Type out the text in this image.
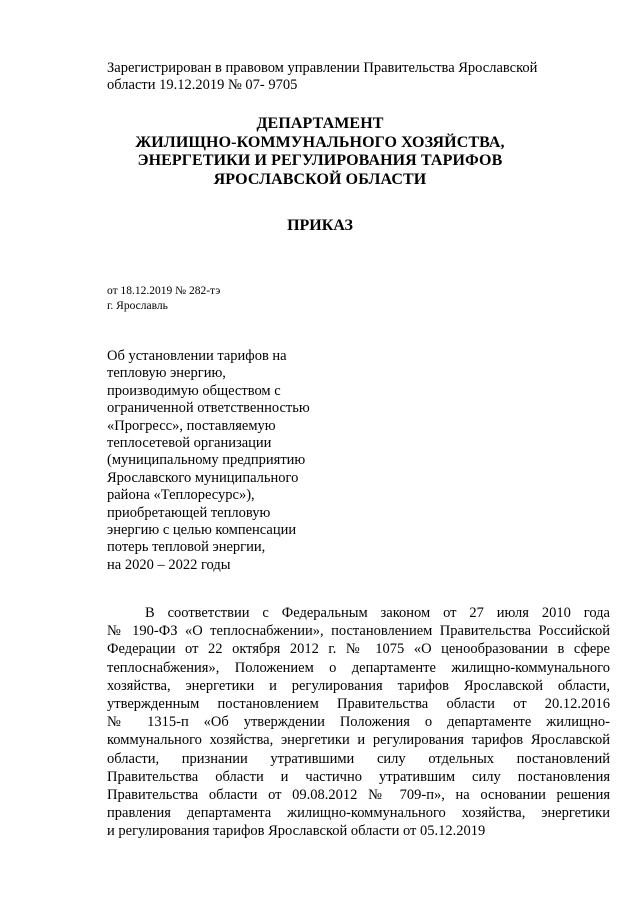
Зарегистрирован в правовом управлении Правительства Ярославской
области 19.12.2019 № 07- 9705
ДЕПАРТАМЕНТ
ЖИЛИЩНО-КОММУНАЛЬНОГО ХОЗЯЙСТВА,
ЭНЕРГЕТИКИ И РЕГУЛИРОВАНИЯ ТАРИФОВ
ЯРОСЛАВСКОЙ ОБЛАСТИ
ПРИКАЗ
от 18.12.2019 № 282-тэ
г. Ярославль
Об установлении тарифов на
тепловую энергию,
производимую обществом с
ограниченной ответственностью
«Прогресс», поставляемую
теплосетевой организации
(муниципальному предприятию
Ярославского муниципального
района «Теплоресурс»),
приобретающей тепловую
энергию с целью компенсации
потерь тепловой энергии,
на 2020 – 2022 годы
В соответствии с Федеральным законом от 27 июля 2010 года
№ 190-ФЗ «О теплоснабжении», постановлением Правительства Российской
Федерации от 22 октября 2012 г. № 1075 «О ценообразовании в сфере
теплоснабжения», Положением о департаменте жилищно-коммунального
хозяйства, энергетики и регулирования тарифов Ярославской области,
утвержденным постановлением Правительства области от 20.12.2016
№ 1315-п «Об утверждении Положения о департаменте жилищно-
коммунального хозяйства, энергетики и регулирования тарифов Ярославской
области, признании утратившими силу отдельных постановлений
Правительства области и частично утратившим силу постановления
Правительства области от 09.08.2012 № 709-п», на основании решения
правления департамента жилищно-коммунального хозяйства, энергетики
и регулирования тарифов Ярославской области от 05.12.2019
